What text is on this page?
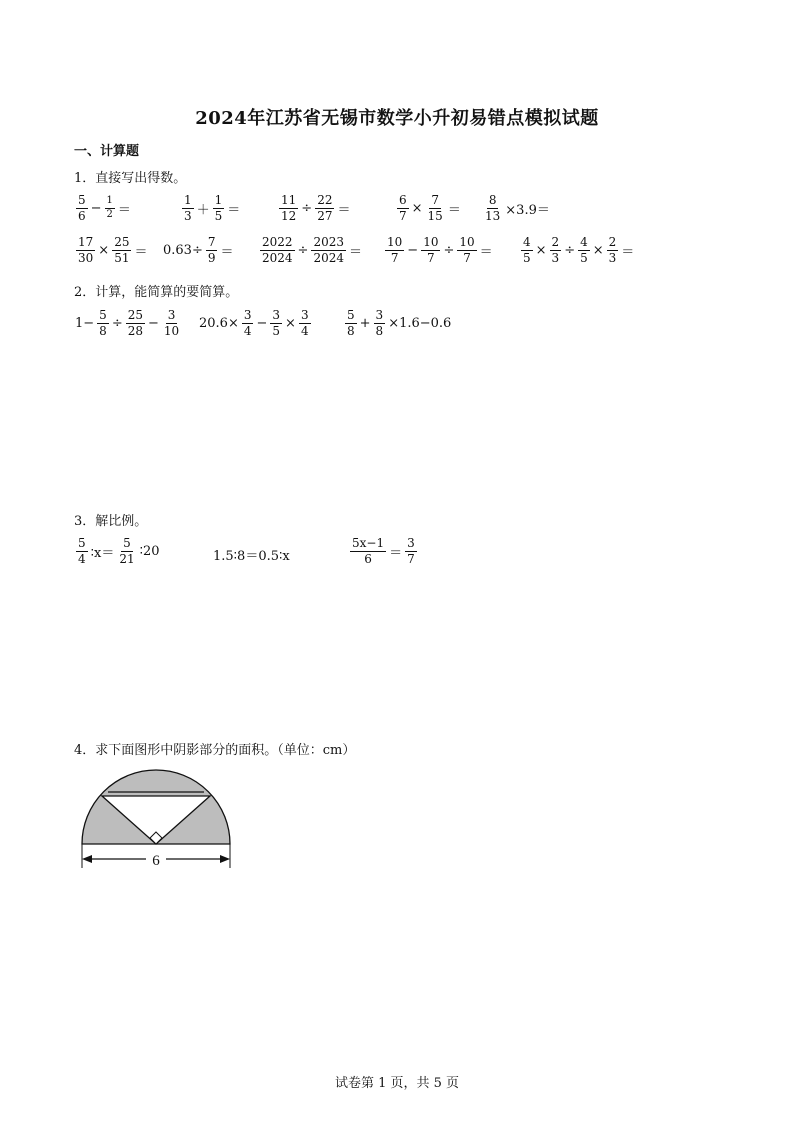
2024年江苏省无锡市数学小升初易错点模拟试题
一、计算题
1．直接写出得数。
$\frac{5}{6} - \frac{1}{2}$ ＝	$\frac{1}{3} + \frac{1}{5}$ ＝	$\frac{11}{12} \div \frac{22}{27}$ ＝	$\frac{6}{7} \times \frac{7}{15} = \frac{8}{13} \times 3.9=$
$\frac{17}{30} \times \frac{25}{51} = 0.63\div \frac{7}{9} = \frac{2022}{2024} \div \frac{2023}{2024} = \frac{10}{7} - \frac{10}{7} \div \frac{10}{7} = \frac{4}{5} \times \frac{2}{3} \div \frac{4}{5} \times \frac{2}{3}$ ＝
2．计算，能简算的要简算。
$1- \frac{5}{8} \div \frac{25}{28} - \frac{3}{10} 20.6\times \frac{3}{4} - \frac{3}{5} \times \frac{3}{4}$	$\frac{5}{8} + \frac{3}{8} \times 1.6-0.6$
3．解比例。
$\frac{5}{4}$ ∶x＝ $\frac{5}{21}$ ∶20	1.5∶8＝0.5∶x	$\frac{5x-1}{6} = \frac{3}{7}$
4．求下面图形中阴影部分的面积。（单位：cm）
6
试卷第 1 页，共 5 页
